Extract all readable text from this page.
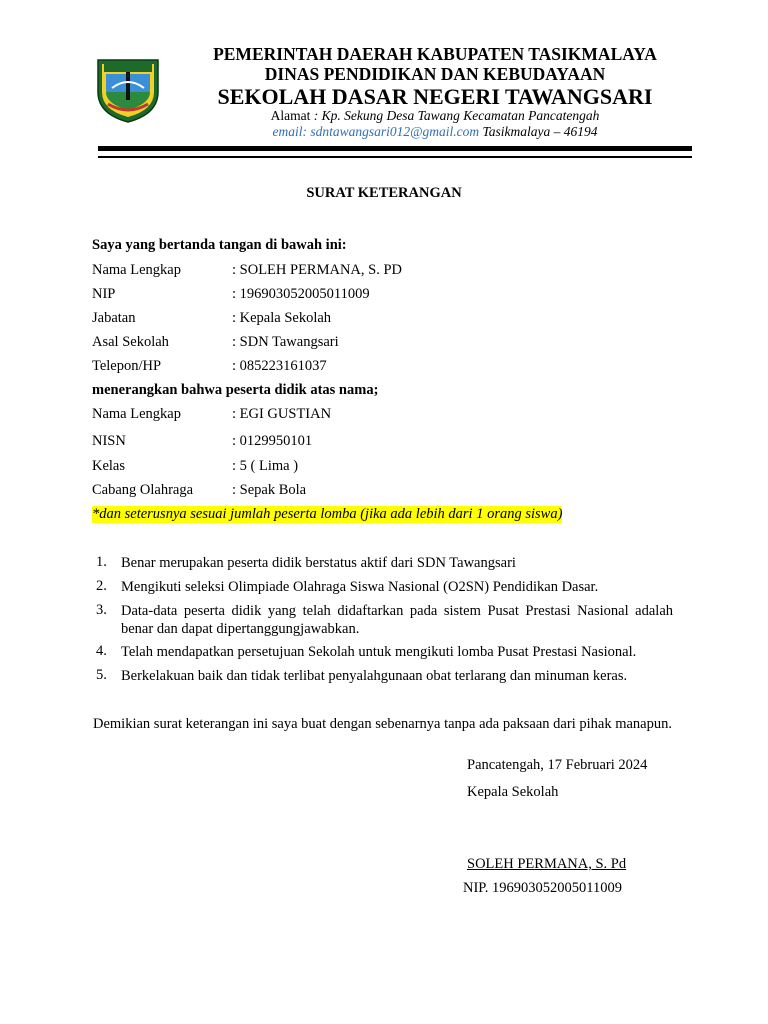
PEMERINTAH DAERAH KABUPATEN TASIKMALAYA
DINAS PENDIDIKAN DAN KEBUDAYAAN
SEKOLAH DASAR NEGERI TAWANGSARI
Alamat : Kp. Sekung Desa Tawang Kecamatan Pancatengah
email: sdntawangsari012@gmail.com Tasikmalaya – 46194
SURAT KETERANGAN
Saya yang bertanda tangan di bawah ini:
Nama Lengkap	: SOLEH PERMANA, S. PD
NIP	: 196903052005011009
Jabatan	: Kepala Sekolah
Asal Sekolah	: SDN Tawangsari
Telepon/HP	: 085223161037
menerangkan bahwa peserta didik atas nama;
Nama Lengkap	: EGI GUSTIAN
NISN	: 0129950101
Kelas	: 5 ( Lima )
Cabang Olahraga	: Sepak Bola
*dan seterusnya sesuai jumlah peserta lomba (jika ada lebih dari 1 orang siswa)
1. Benar merupakan peserta didik berstatus aktif dari SDN Tawangsari
2. Mengikuti seleksi Olimpiade Olahraga Siswa Nasional (O2SN) Pendidikan Dasar.
3. Data-data peserta didik yang telah didaftarkan pada sistem Pusat Prestasi Nasional adalah benar dan dapat dipertanggungjawabkan.
4. Telah mendapatkan persetujuan Sekolah untuk mengikuti lomba Pusat Prestasi Nasional.
5. Berkelakuan baik dan tidak terlibat penyalahgunaan obat terlarang dan minuman keras.
Demikian surat keterangan ini saya buat dengan sebenarnya tanpa ada paksaan dari pihak manapun.
Pancatengah, 17 Februari 2024
Kepala Sekolah
SOLEH PERMANA, S. Pd
NIP. 196903052005011009
